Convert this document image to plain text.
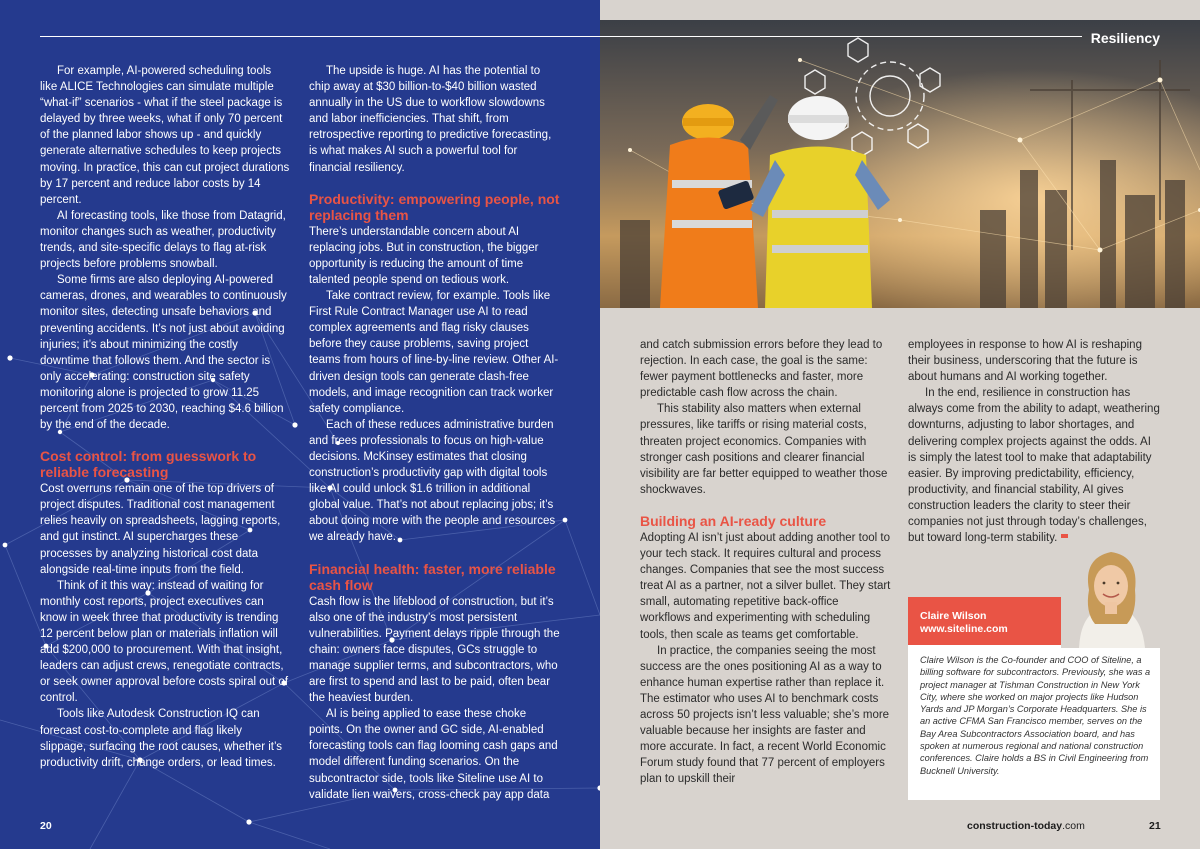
For example, AI-powered scheduling tools like ALICE Technologies can simulate multiple “what-if” scenarios - what if the steel package is delayed by three weeks, what if only 70 percent of the planned labor shows up - and quickly generate alternative schedules to keep projects moving. In practice, this can cut project durations by 17 percent and reduce labor costs by 14 percent.

AI forecasting tools, like those from Datagrid, monitor changes such as weather, productivity trends, and site-specific delays to flag at-risk projects before problems snowball.

Some firms are also deploying AI-powered cameras, drones, and wearables to continuously monitor sites, detecting unsafe behaviors and preventing accidents. It’s not just about avoiding injuries; it’s about minimizing the costly downtime that follows them. And the sector is only accelerating: construction site safety monitoring alone is projected to grow 11.25 percent from 2025 to 2030, reaching $4.6 billion by the end of the decade.

Cost control: from guesswork to reliable forecasting

Cost overruns remain one of the top drivers of project disputes. Traditional cost management relies heavily on spreadsheets, lagging reports, and gut instinct. AI supercharges these processes by analyzing historical cost data alongside real-time inputs from the field.

Think of it this way: instead of waiting for monthly cost reports, project executives can know in week three that productivity is trending 12 percent below plan or materials inflation will add $200,000 to procurement. With that insight, leaders can adjust crews, renegotiate contracts, or seek owner approval before costs spiral out of control.

Tools like Autodesk Construction IQ can forecast cost-to-complete and flag likely slippage, surfacing the root causes, whether it’s productivity drift, change orders, or lead times.

The upside is huge. AI has the potential to chip away at $30 billion-to-$40 billion wasted annually in the US due to workflow slowdowns and labor inefficiencies. That shift, from retrospective reporting to predictive forecasting, is what makes AI such a powerful tool for financial resiliency.

Productivity: empowering people, not replacing them

There’s understandable concern about AI replacing jobs. But in construction, the bigger opportunity is reducing the amount of time talented people spend on tedious work.

Take contract review, for example. Tools like First Rule Contract Manager use AI to read complex agreements and flag risky clauses before they cause problems, saving project teams from hours of line-by-line review. Other AI-driven design tools can generate clash-free models, and image recognition can track worker safety compliance.

Each of these reduces administrative burden and frees professionals to focus on high-value decisions. McKinsey estimates that closing construction’s productivity gap with digital tools like AI could unlock $1.6 trillion in additional global value. That’s not about replacing jobs; it’s about doing more with the people and resources we already have.

Financial health: faster, more reliable cash flow

Cash flow is the lifeblood of construction, but it’s also one of the industry’s most persistent vulnerabilities. Payment delays ripple through the chain: owners face disputes, GCs struggle to manage supplier terms, and subcontractors, who are first to spend and last to be paid, often bear the heaviest burden.

AI is being applied to ease these choke points. On the owner and GC side, AI-enabled forecasting tools can flag looming cash gaps and model different funding scenarios. On the subcontractor side, tools like Siteline use AI to validate lien waivers, cross-check pay app data

20
Resiliency

and catch submission errors before they lead to rejection. In each case, the goal is the same: fewer payment bottlenecks and faster, more predictable cash flow across the chain.

This stability also matters when external pressures, like tariffs or rising material costs, threaten project economics. Companies with stronger cash positions and clearer financial visibility are far better equipped to weather those shockwaves.

Building an AI-ready culture

Adopting AI isn’t just about adding another tool to your tech stack. It requires cultural and process changes. Companies that see the most success treat AI as a partner, not a silver bullet. They start small, automating repetitive back-office workflows and experimenting with scheduling tools, then scale as teams get comfortable.

In practice, the companies seeing the most success are the ones positioning AI as a way to enhance human expertise rather than replace it. The estimator who uses AI to benchmark costs across 50 projects isn’t less valuable; she’s more valuable because her insights are faster and more accurate. In fact, a recent World Economic Forum study found that 77 percent of employers plan to upskill their

employees in response to how AI is reshaping their business, underscoring that the future is about humans and AI working together.

In the end, resilience in construction has always come from the ability to adapt, weathering downturns, adjusting to labor shortages, and delivering complex projects against the odds. AI is simply the latest tool to make that adaptability easier. By improving predictability, efficiency, productivity, and financial stability, AI gives construction leaders the clarity to steer their companies not just through today’s challenges, but toward long-term stability.

Claire Wilson
www.siteline.com
Claire Wilson is the Co-founder and COO of Siteline, a billing software for subcontractors. Previously, she was a project manager at Tishman Construction in New York City, where she worked on major projects like Hudson Yards and JP Morgan’s Corporate Headquarters. She is an active CFMA San Francisco member, serves on the Bay Area Subcontractors Association board, and has spoken at numerous regional and national construction conferences. Claire holds a BS in Civil Engineering from Bucknell University.
construction-today.com	21
